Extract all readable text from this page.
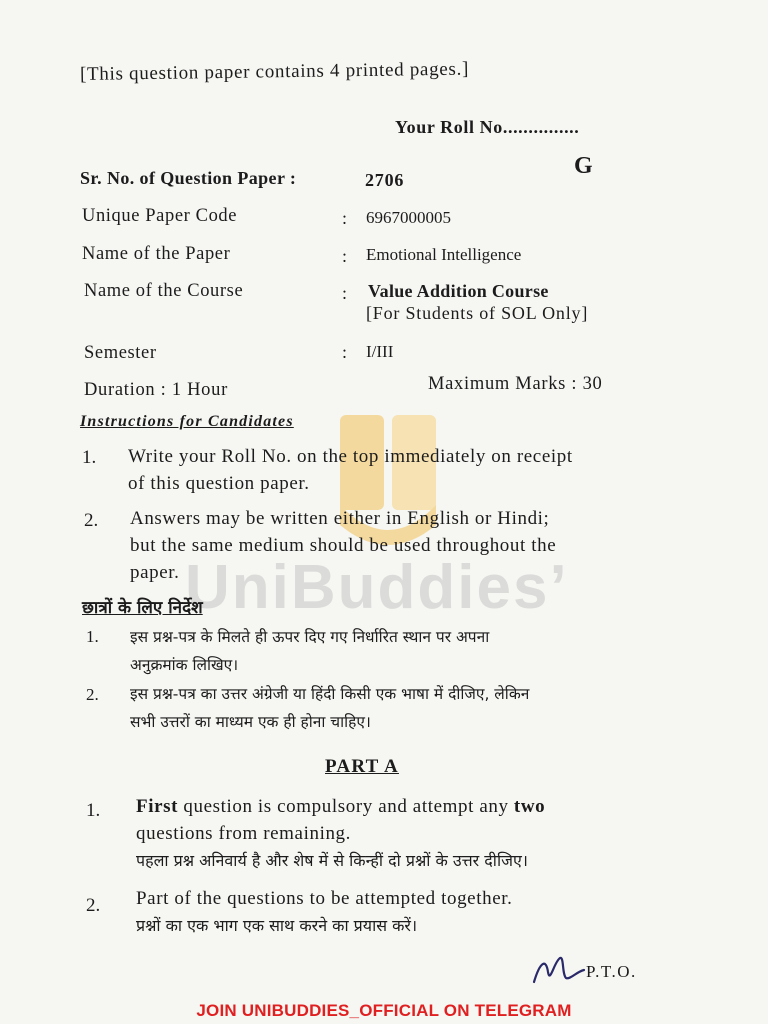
UniBuddies’
[This question paper contains 4 printed pages.]
Your Roll No...............
G
Sr. No. of Question Paper :	2706
Unique Paper Code	: 6967000005
Name of the Paper	: Emotional Intelligence
Name of the Course	: Value Addition Course
[For Students of SOL Only]
Semester	: I/III
Duration : 1 Hour	Maximum Marks : 30
Instructions for Candidates
1. Write your Roll No. on the top immediately on receipt
of this question paper.
2. Answers may be written either in English or Hindi;
but the same medium should be used throughout the
paper.
छात्रों के लिए निर्देश
1. इस प्रश्न-पत्र के मिलते ही ऊपर दिए गए निर्धारित स्थान पर अपना
अनुक्रमांक लिखिए।
2. इस प्रश्न-पत्र का उत्तर अंग्रेजी या हिंदी किसी एक भाषा में दीजिए, लेकिन
सभी उत्तरों का माध्यम एक ही होना चाहिए।
PART A
1. First question is compulsory and attempt any two
questions from remaining.
पहला प्रश्न अनिवार्य है और शेष में से किन्हीं दो प्रश्नों के उत्तर दीजिए।
2. Part of the questions to be attempted together.
प्रश्नों का एक भाग एक साथ करने का प्रयास करें।
P.T.O.
JOIN UNIBUDDIES_OFFICIAL ON TELEGRAM
